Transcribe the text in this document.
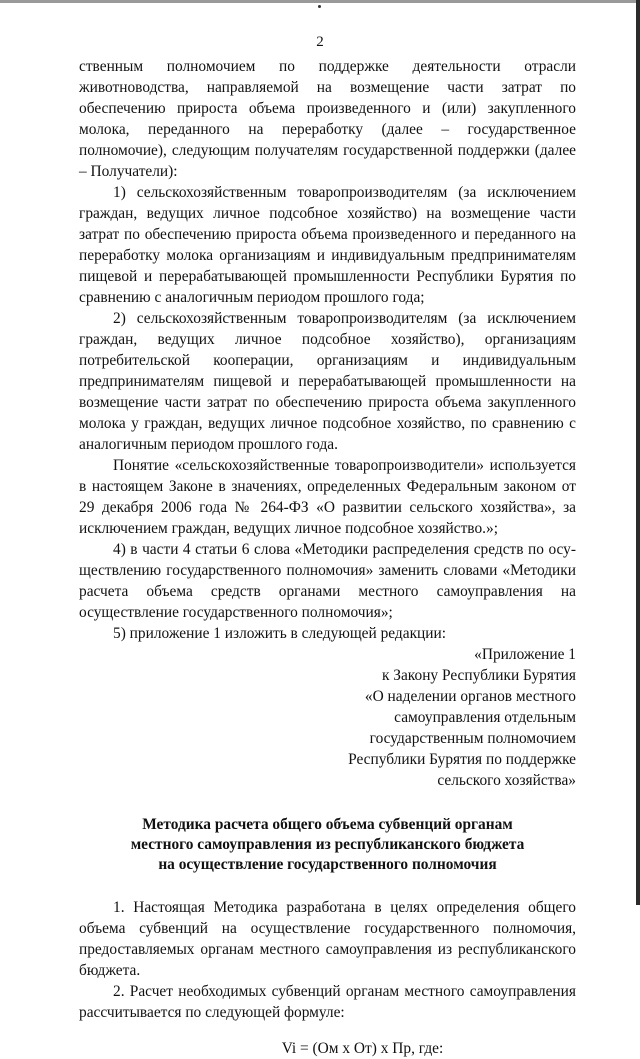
2

ственным полномочием по поддержке деятельности отрасли животноводства, направляемой на возмещение части затрат по обеспечению прироста объема произведенного и (или) закупленного молока, переданного на переработку (далее – государственное полномочие), следующим получателям государственной поддержки (далее – Получатели):

1) сельскохозяйственным товаропроизводителям (за исключением граждан, ведущих личное подсобное хозяйство) на возмещение части затрат по обеспечению прироста объема произведенного и переданного на переработку молока организациям и индивидуальным предпринимателям пищевой и перерабатывающей промышленности Республики Бурятия по сравнению с аналогичным периодом прошлого года;

2) сельскохозяйственным товаропроизводителям (за исключением граждан, ведущих личное подсобное хозяйство), организациям потребительской кооперации, организациям и индивидуальным предпринимателям пищевой и перерабатывающей промышленности на возмещение части затрат по обеспечению прироста объема закупленного молока у граждан, ведущих личное подсобное хозяйство, по сравнению с аналогичным периодом прошлого года.

Понятие «сельскохозяйственные товаропроизводители» используется в настоящем Законе в значениях, определенных Федеральным законом от 29 декабря 2006 года № 264-ФЗ «О развитии сельского хозяйства», за исключением граждан, ведущих личное подсобное хозяйство.»;

4) в части 4 статьи 6 слова «Методики распределения средств по осуществлению государственного полномочия» заменить словами «Методики расчета объема средств органами местного самоуправления на осуществление государственного полномочия»;

5) приложение 1 изложить в следующей редакции:

«Приложение 1
к Закону Республики Бурятия
«О наделении органов местного
самоуправления отдельным
государственным полномочием
Республики Бурятия по поддержке
сельского хозяйства»
Методика расчета общего объема субвенций органам
местного самоуправления из республиканского бюджета
на осуществление государственного полномочия

1. Настоящая Методика разработана в целях определения общего объема субвенций на осуществление государственного полномочия, предоставляемых органам местного самоуправления из республиканского бюджета.

2. Расчет необходимых субвенций органам местного самоуправления рассчитывается по следующей формуле:

Vi = (Ом x От) x Пр, где:
